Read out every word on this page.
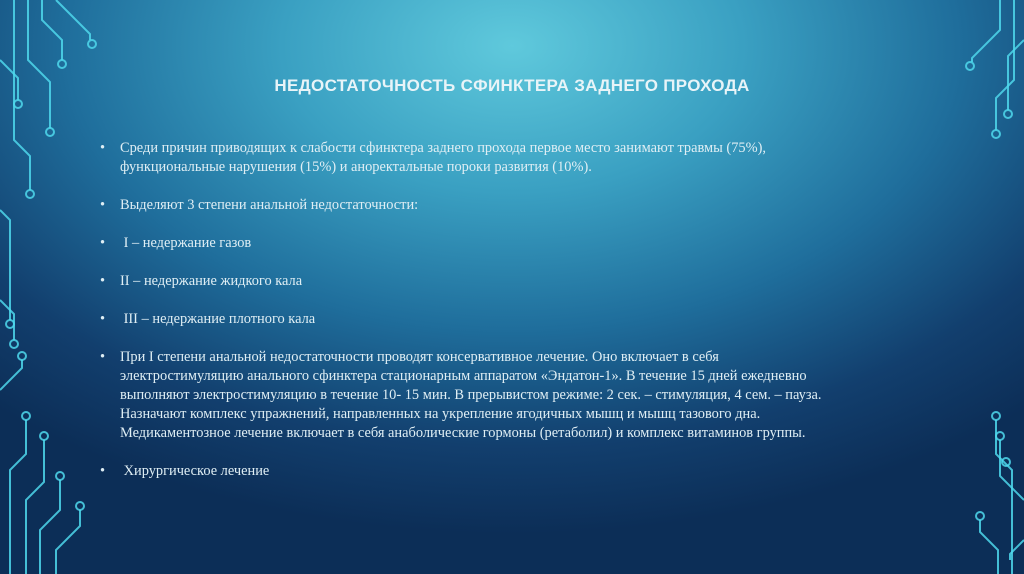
НЕДОСТАТОЧНОСТЬ СФИНКТЕРА ЗАДНЕГО ПРОХОДА
• Среди причин приводящих к слабости сфинктера заднего прохода первое место занимают травмы (75%),
функциональные нарушения (15%) и аноректальные пороки развития (10%).
• Выделяют 3 степени анальной недостаточности:
• I – недержание газов
• II – недержание жидкого кала
• III – недержание плотного кала
• При I степени анальной недостаточности проводят консервативное лечение. Оно включает в себя
электростимуляцию анального сфинктера стационарным аппаратом «Эндатон-1». В течение 15 дней ежедневно
выполняют электростимуляцию в течение 10- 15 мин. В прерывистом режиме: 2 сек. – стимуляция, 4 сем. – пауза.
Назначают комплекс упражнений, направленных на укрепление ягодичных мышц и мышц тазового дна.
Медикаментозное лечение включает в себя анаболические гормоны (ретаболил) и комплекс витаминов группы.
• Хирургическое лечение
